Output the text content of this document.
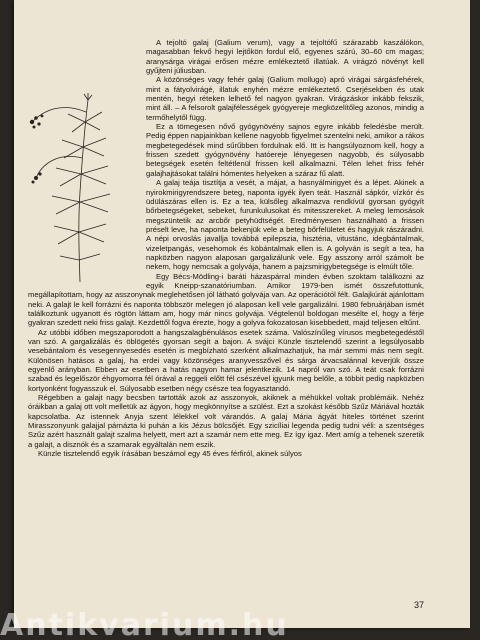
A tejoltó galaj (Galium verum), vagy a tejoltófű szárazabb kaszálókon, magasabban fekvő hegyi lejtőkön fordul elő, egyenes szárú, 30–60 cm magas; aranysárga virágai erősen mézre emlékeztető illatúak. A virágzó növényt kell gyűjteni júliusban.

A közönséges vagy fehér galaj (Galium mollugo) apró virágai sárgásfehérek, mint a fátyolvirágé, illatuk enyhén mézre emlékeztető. Cserjésekben és utak mentén, hegyi réteken lelhető fel nagyon gyakran. Virágzáskor inkább fekszik, mint áll. – A felsorolt galajfélességek gyógyereje megközelítőleg azonos, mindig a termőhelytől függ.

Ez a tömegesen nővő gyógynövény sajnos egyre inkább feledésbe merült. Pedig éppen napjainkban kellene nagyobb figyelmet szentelni neki, amikor a rákos megbetegedések mind sűrűbben fordulnak elő. Itt is hangsúlyoznom kell, hogy a frissen szedett gyógynövény hatóereje lényegesen nagyobb, és súlyosabb betegségek esetén feltétlenül frissen kell alkalmazni. Télen lehet friss fehér galajhajtásokat találni hómentes helyeken a száraz fű alatt.

A galaj teája tisztítja a vesét, a májat, a hasnyálmirigyet és a lépet. Akinek a nyirokmirigyrendszere beteg, naponta igyék ilyen teát. Használ sápkór, vízkór és üdülászáras ellen is. Ez a tea, külsőleg alkalmazva rendkívül gyorsan gyógyít bőrbetegségeket, sebeket, furunkulusokat és mitesszereket. A meleg lemosások megszüntetik az arcbőr petyhüdtségét. Eredményesen használható a frissen préselt leve, ha naponta bekenjük vele a beteg bőrfelületet és hagyjuk rászáradni. A népi orvoslás javallja továbbá epilepszia, hisztéria, vitustánc, idegbántalmak, vizeletpangás, vesehomok és köbántalmak ellen is. A golyván is segít a tea, ha napközben nagyon alaposan gargalizálunk vele. Egy asszony arról számolt be nekem, hogy nemcsak a golyvája, hanem a pajzsmirigybetegsége is elmúlt tőle.

Egy Bécs-Mödling-i baráti házaspárral minden évben szoktam találkozni az egyik Kneipp-szanatóriumban. Amikor 1979-ben ismét összefutottunk, megállapítottam, hogy az asszonynak meglehetősen jól látható golyvája van. Az operációtól félt. Galajkúrát ajánlottam neki. A galajt le kell forrázni és naponta többször melegen jó alaposan kell vele gargalizálni. 1980 februárjában ismét találkoztunk ugyanott és rögtön láttam am, hogy már nincs golyvája. Végtelenül boldogan mesélte el, hogy a férje gyakran szedett neki friss galajt. Kezdettől fogva érezte, hogy a golyva fokozatosan kisebbedett, majd teljesen eltűnt.

Az utóbbi időben megszaporodott a hangszalagbénulásos esetek száma. Valószínűleg vírusos megbetegedéstől van szó. A gargalizálás és öblögetés gyorsan segít a bajon. A svájci Künzle tisztelendő szerint a legsúlyosabb vesebántalom és vesegennyesedés esetén is megbízható szerként alkalmazhatjuk, ha már semmi más nem segít. Különösen hatásos a galaj, ha erdei vagy közönséges aranyvesszővel és sárga árvacsalánnal keverjük össze egyenlő arányban. Ebben az esetben a hatás nagyon hamar jelentkezik. 14 napról van szó. A teát csak forrázni szabad és legelőször éhgyomorra fél órával a reggeli előtt fél csészével igyunk meg belőle, a többit pedig napközben kortyonként fogyasszuk el. Súlyosabb esetben négy csésze tea fogyasztandó.

Régebben a galajt nagy becsben tartották azok az asszonyok, akiknek a méhükkel voltak problémáik. Nehéz óráikban a galaj ott volt melletük az ágyon, hogy megkönnyítse a szülést. Ezt a szokást később Szűz Máriával hozták kapcsolatba. Az istennek Anyja szent lélekkel volt várandós. A galaj Mária ágyát hiteles történet szerint Mirasszonyunk galajjal párnázta ki puhán a kis Jézus bölcsőjét. Egy szicíliai legenda pedig tudni véli: a szentséges Szűz azért használt galajt szalma helyett, mert azt a szamár nem ette meg. Ez így igaz. Mert amíg a tehenek szeretik a galajt, a disznók és a szamarak egyáltalán nem eszik.

Künzle tisztelendő egyik írásában beszámol egy 45 éves férfiról, akinek súlyos

37
Antikvarium.hu
